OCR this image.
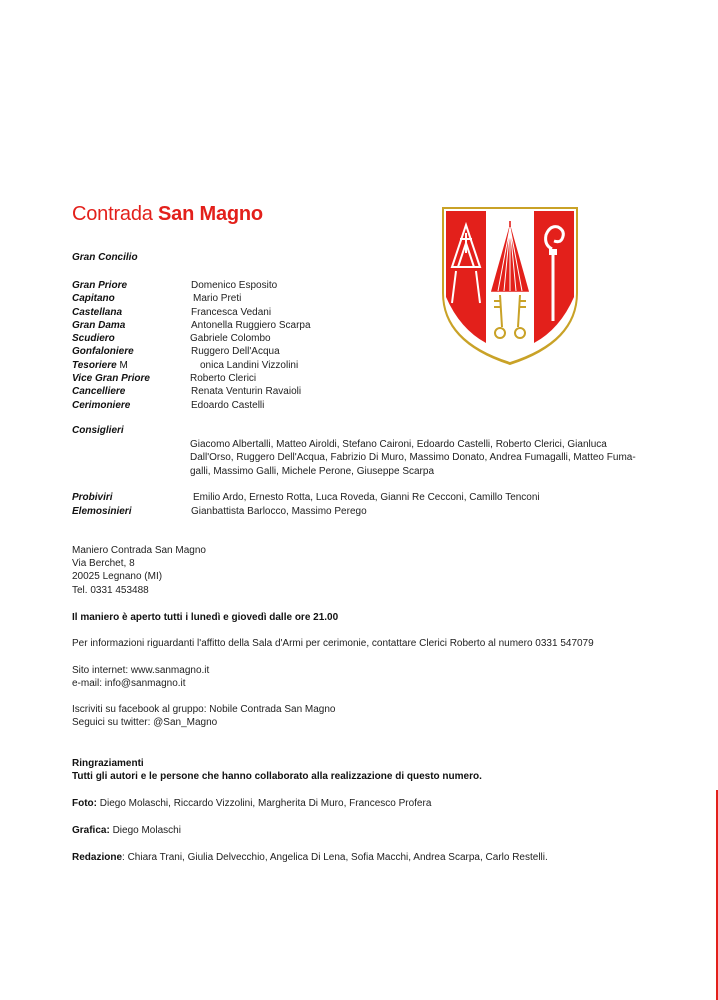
Contrada San Magno
Gran Concilio
Gran Priore	Domenico Esposito
Capitano	Mario Preti
Castellana	Francesca Vedani
Gran Dama	Antonella Ruggiero Scarpa
Scudiero	Gabriele Colombo
Gonfaloniere	Ruggero Dell'Acqua
Tesoriere M	onica Landini Vizzolini
Vice Gran Priore	Roberto Clerici
Cancelliere	Renata Venturin Ravaioli
Cerimoniere	Edoardo Castelli
Consiglieri
Giacomo Albertalli, Matteo Airoldi, Stefano Caironi, Edoardo Castelli, Roberto Clerici, Gianluca
Dall'Orso, Ruggero Dell'Acqua, Fabrizio Di Muro, Massimo Donato, Andrea Fumagalli, Matteo Fuma-
galli, Massimo Galli, Michele Perone, Giuseppe Scarpa
Probiviri	Emilio Ardo, Ernesto Rotta, Luca Roveda, Gianni Re Cecconi, Camillo Tenconi
Elemosinieri	Gianbattista Barlocco, Massimo Perego
Maniero Contrada San Magno
Via Berchet, 8
20025 Legnano (MI)
Tel. 0331 453488
Il maniero è aperto tutti i lunedì e giovedì dalle ore 21.00
Per informazioni riguardanti l'affitto della Sala d'Armi per cerimonie, contattare Clerici Roberto al numero 0331 547079
Sito internet: www.sanmagno.it
e-mail: info@sanmagno.it
Iscriviti su facebook al gruppo: Nobile Contrada San Magno
Seguici su twitter: @San_Magno
Ringraziamenti
Tutti gli autori e le persone che hanno collaborato alla realizzazione di questo numero.
Foto: Diego Molaschi, Riccardo Vizzolini, Margherita Di Muro, Francesco Profera
Grafica: Diego Molaschi
Redazione: Chiara Trani, Giulia Delvecchio, Angelica Di Lena, Sofia Macchi, Andrea Scarpa, Carlo Restelli.
